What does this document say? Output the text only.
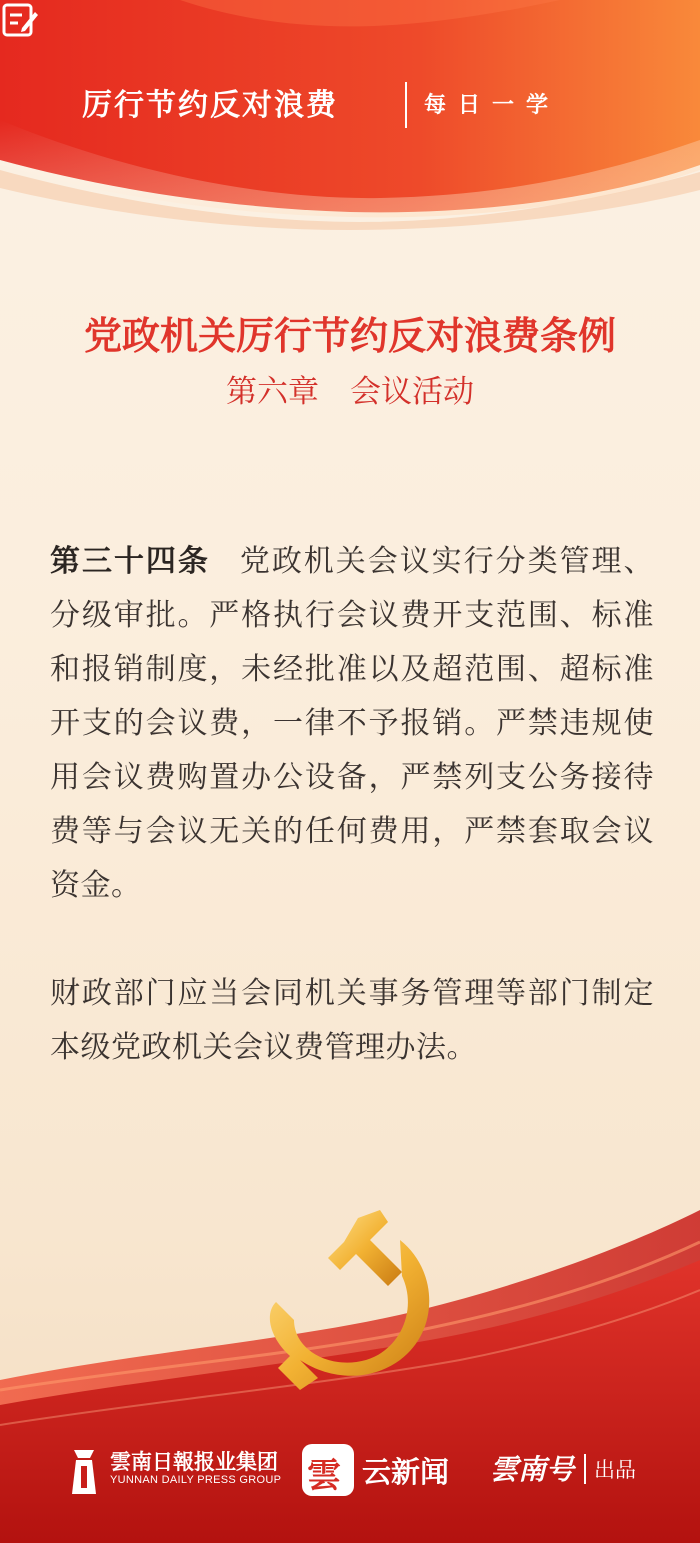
厉行节约反对浪费	每日一学
党政机关厉行节约反对浪费条例
第六章　会议活动

第三十四条 党政机关会议实行分类管理、分级审批。严格执行会议费开支范围、标准和报销制度，未经批准以及超范围、超标准开支的会议费，一律不予报销。严禁违规使用会议费购置办公设备，严禁列支公务接待费等与会议无关的任何费用，严禁套取会议资金。

财政部门应当会同机关事务管理等部门制定本级党政机关会议费管理办法。

雲南日報报业集团
YUNNAN DAILY PRESS GROUP 雲 云新闻 雲南号 出品
